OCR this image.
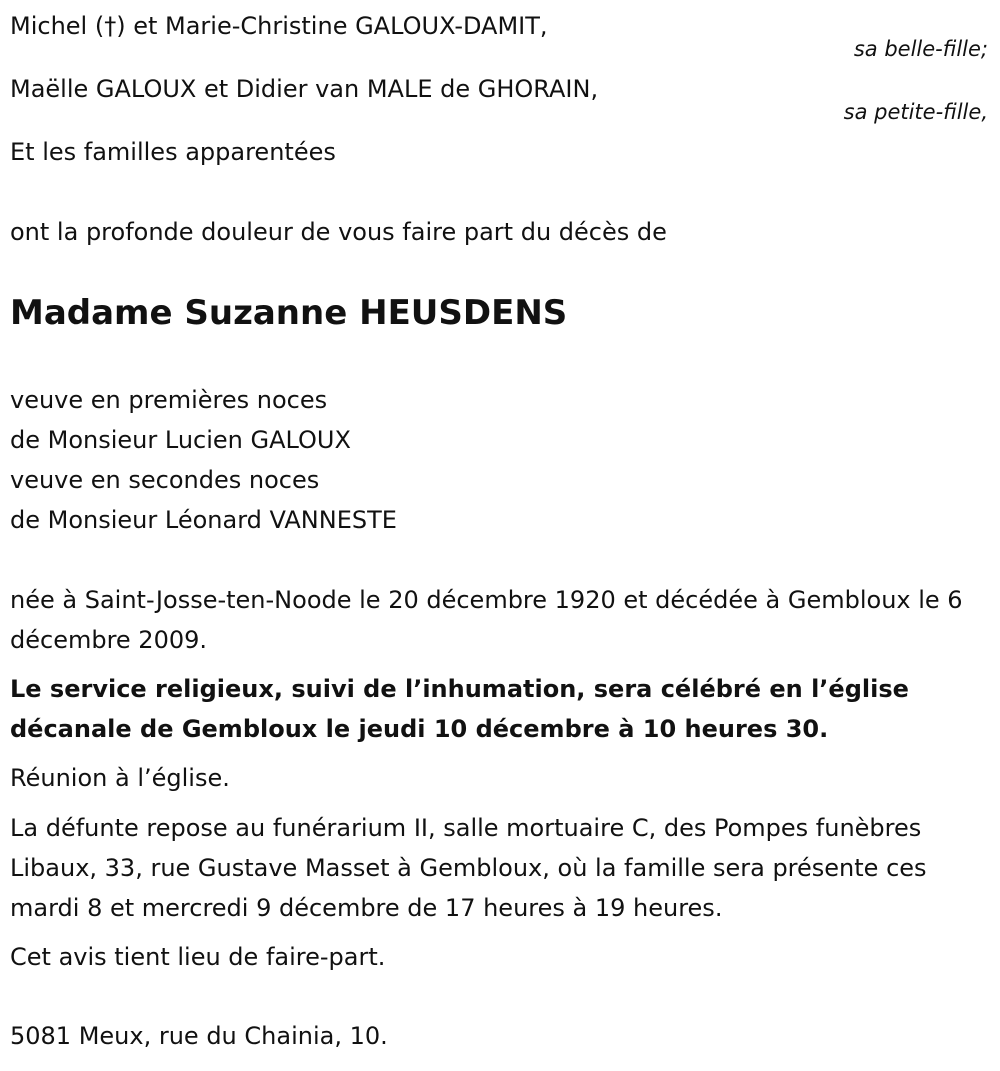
Michel (†) et Marie-Christine GALOUX-DAMIT,
sa belle-fille;
Maëlle GALOUX et Didier van MALE de GHORAIN,
sa petite-fille,
Et les familles apparentées
ont la profonde douleur de vous faire part du décès de
Madame Suzanne HEUSDENS
veuve en premières noces
de Monsieur Lucien GALOUX
veuve en secondes noces
de Monsieur Léonard VANNESTE
née à Saint-Josse-ten-Noode le 20 décembre 1920 et décédée à Gembloux le 6 décembre 2009.
Le service religieux, suivi de l’inhumation, sera célébré en l’église décanale de Gembloux le jeudi 10 décembre à 10 heures 30.
Réunion à l’église.
La défunte repose au funérarium II, salle mortuaire C, des Pompes funèbres Libaux, 33, rue Gustave Masset à Gembloux, où la famille sera présente ces mardi 8 et mercredi 9 décembre de 17 heures à 19 heures.
Cet avis tient lieu de faire-part.
5081 Meux, rue du Chainia, 10.
